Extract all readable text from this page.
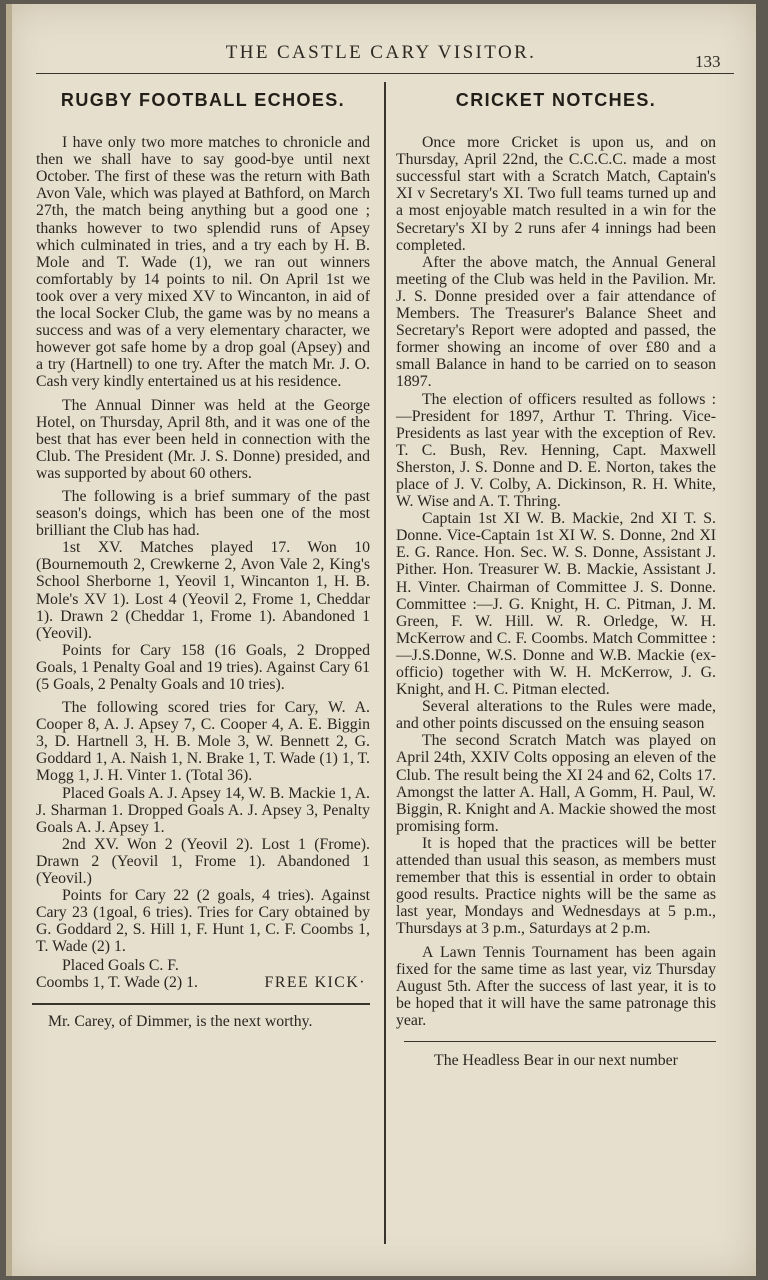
THE CASTLE CARY VISITOR.	133
RUGBY FOOTBALL ECHOES.

I have only two more matches to chronicle and then we shall have to say good-bye until next October. The first of these was the return with Bath Avon Vale, which was played at Bathford, on March 27th, the match being anything but a good one ; thanks however to two splendid runs of Apsey which culminated in tries, and a try each by H. B. Mole and T. Wade (1), we ran out winners comfortably by 14 points to nil. On April 1st we took over a very mixed XV to Wincanton, in aid of the local Socker Club, the game was by no means a success and was of a very elementary character, we however got safe home by a drop goal (Apsey) and a try (Hartnell) to one try. After the match Mr. J. O. Cash very kindly entertained us at his residence.

The Annual Dinner was held at the George Hotel, on Thursday, April 8th, and it was one of the best that has ever been held in connection with the Club. The President (Mr. J. S. Donne) presided, and was supported by about 60 others.

The following is a brief summary of the past season's doings, which has been one of the most brilliant the Club has had.

1st XV. Matches played 17. Won 10 (Bournemouth 2, Crewkerne 2, Avon Vale 2, King's School Sherborne 1, Yeovil 1, Wincanton 1, H. B. Mole's XV 1). Lost 4 (Yeovil 2, Frome 1, Cheddar 1). Drawn 2 (Cheddar 1, Frome 1). Abandoned 1 (Yeovil).

Points for Cary 158 (16 Goals, 2 Dropped Goals, 1 Penalty Goal and 19 tries). Against Cary 61 (5 Goals, 2 Penalty Goals and 10 tries).

The following scored tries for Cary, W. A. Cooper 8, A. J. Apsey 7, C. Cooper 4, A. E. Biggin 3, D. Hartnell 3, H. B. Mole 3, W. Bennett 2, G. Goddard 1, A. Naish 1, N. Brake 1, T. Wade (1) 1, T. Mogg 1, J. H. Vinter 1. (Total 36).

Placed Goals A. J. Apsey 14, W. B. Mackie 1, A. J. Sharman 1. Dropped Goals A. J. Apsey 3, Penalty Goals A. J. Apsey 1.

2nd XV. Won 2 (Yeovil 2). Lost 1 (Frome). Drawn 2 (Yeovil 1, Frome 1). Abandoned 1 (Yeovil.)

Points for Cary 22 (2 goals, 4 tries). Against Cary 23 (1goal, 6 tries). Tries for Cary obtained by G. Goddard 2, S. Hill 1, F. Hunt 1, C. F. Coombs 1, T. Wade (2) 1.

Placed Goals C. F. Coombs 1, T. Wade (2) 1.	FREE KICK·

Mr. Carey, of Dimmer, is the next worthy.

CRICKET NOTCHES.

Once more Cricket is upon us, and on Thursday, April 22nd, the C.C.C.C. made a most successful start with a Scratch Match, Captain's XI v Secretary's XI. Two full teams turned up and a most enjoyable match resulted in a win for the Secretary's XI by 2 runs afer 4 innings had been completed.

After the above match, the Annual General meeting of the Club was held in the Pavilion. Mr. J. S. Donne presided over a fair attendance of Members. The Treasurer's Balance Sheet and Secretary's Report were adopted and passed, the former showing an income of over £80 and a small Balance in hand to be carried on to season 1897.

The election of officers resulted as follows :—President for 1897, Arthur T. Thring. Vice-Presidents as last year with the exception of Rev. T. C. Bush, Rev. Henning, Capt. Maxwell Sherston, J. S. Donne and D. E. Norton, takes the place of J. V. Colby, A. Dickinson, R. H. White, W. Wise and A. T. Thring.

Captain 1st XI W. B. Mackie, 2nd XI T. S. Donne. Vice-Captain 1st XI W. S. Donne, 2nd XI E. G. Rance. Hon. Sec. W. S. Donne, Assistant J. Pither. Hon. Treasurer W. B. Mackie, Assistant J. H. Vinter. Chairman of Committee J. S. Donne. Committee :—J. G. Knight, H. C. Pitman, J. M. Green, F. W. Hill. W. R. Orledge, W. H. McKerrow and C. F. Coombs. Match Committee :—J.S.Donne, W.S. Donne and W.B. Mackie (ex-officio) together with W. H. McKerrow, J. G. Knight, and H. C. Pitman elected.

Several alterations to the Rules were made, and other points discussed on the ensuing season

The second Scratch Match was played on April 24th, XXIV Colts opposing an eleven of the Club. The result being the XI 24 and 62, Colts 17. Amongst the latter A. Hall, A Gomm, H. Paul, W. Biggin, R. Knight and A. Mackie showed the most promising form.

It is hoped that the practices will be better attended than usual this season, as members must remember that this is essential in order to obtain good results. Practice nights will be the same as last year, Mondays and Wednesdays at 5 p.m., Thursdays at 3 p.m., Saturdays at 2 p.m.

A Lawn Tennis Tournament has been again fixed for the same time as last year, viz Thursday August 5th. After the success of last year, it is to be hoped that it will have the same patronage this year.

The Headless Bear in our next number
